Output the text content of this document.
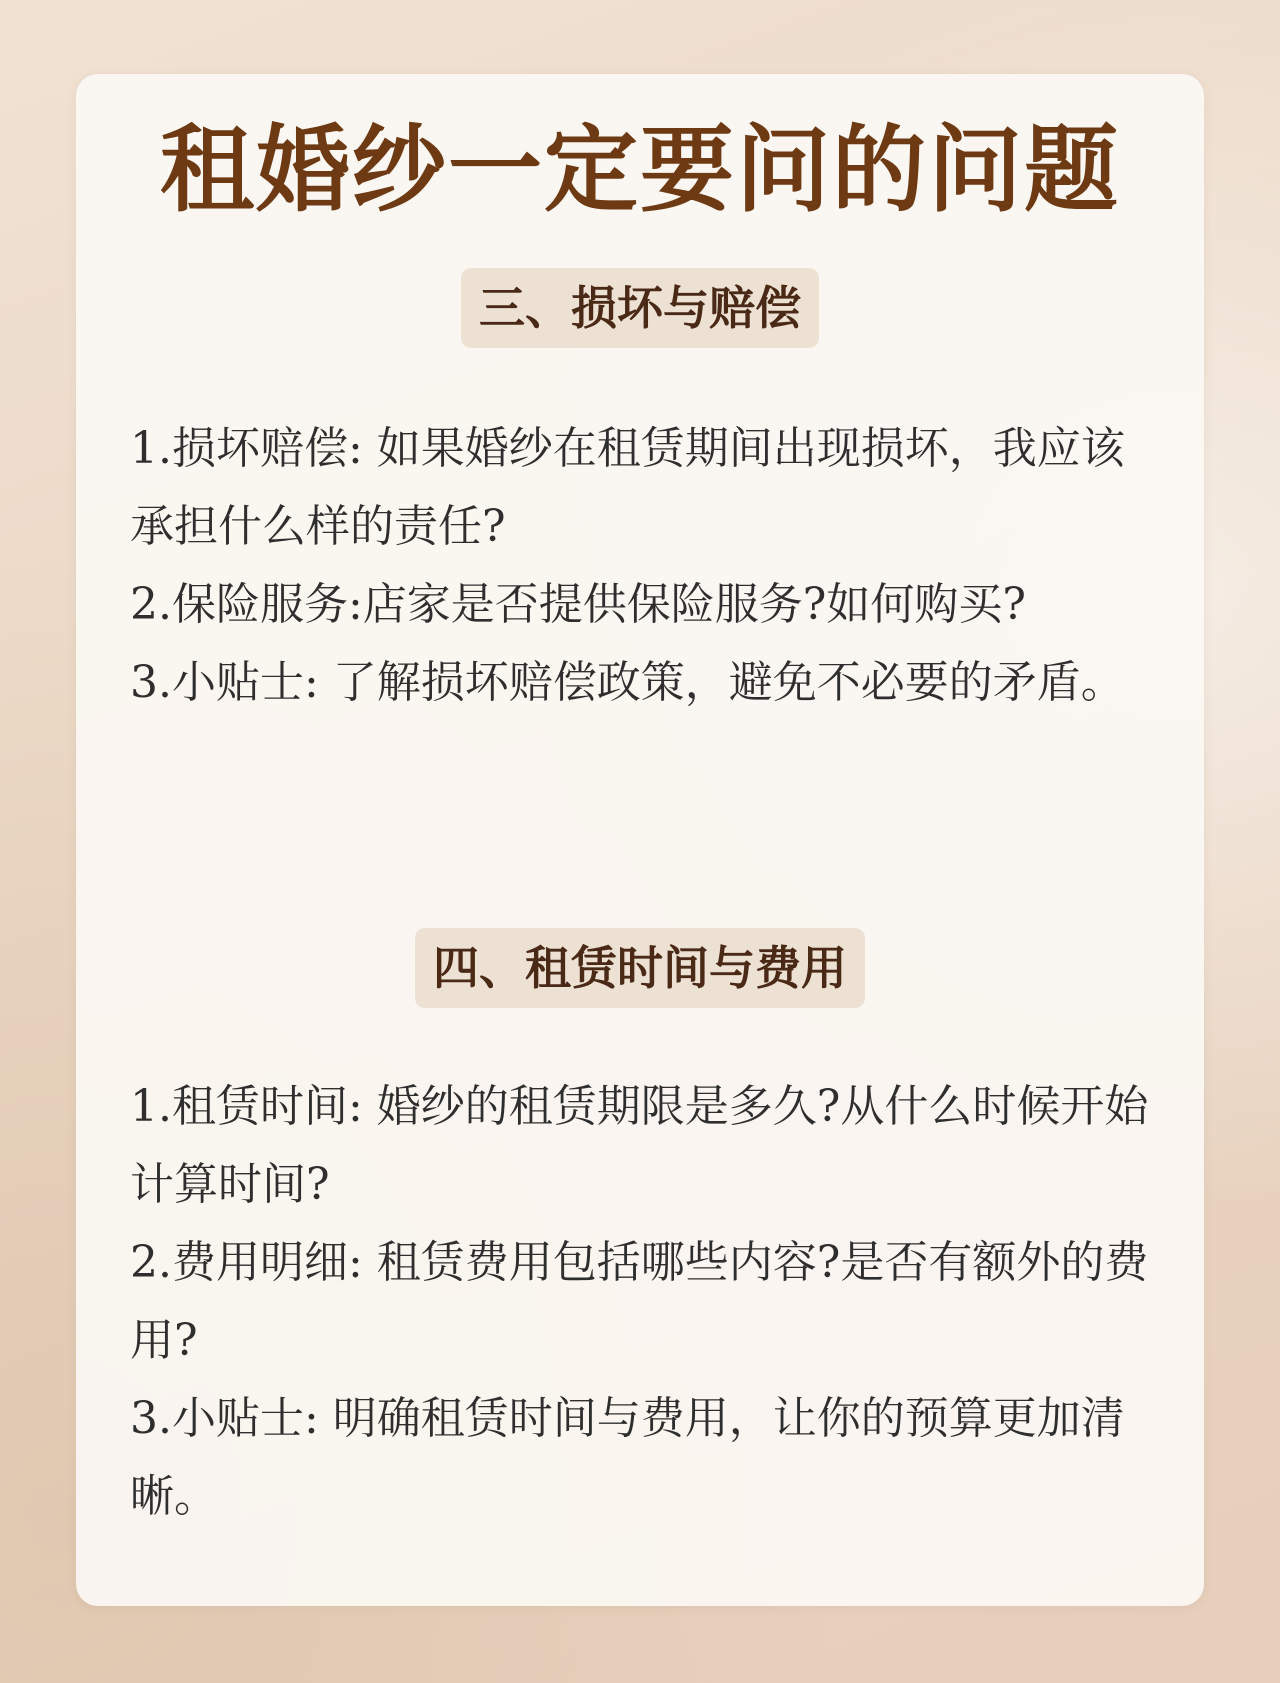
租婚纱一定要问的问题
三、损坏与赔偿
1.损坏赔偿: 如果婚纱在租赁期间出现损坏，我应该承担什么样的责任?
2.保险服务:店家是否提供保险服务?如何购买?
3.小贴士: 了解损坏赔偿政策，避免不必要的矛盾。
四、租赁时间与费用
1.租赁时间: 婚纱的租赁期限是多久?从什么时候开始计算时间?
2.费用明细: 租赁费用包括哪些内容?是否有额外的费用?
3.小贴士: 明确租赁时间与费用，让你的预算更加清晰。
